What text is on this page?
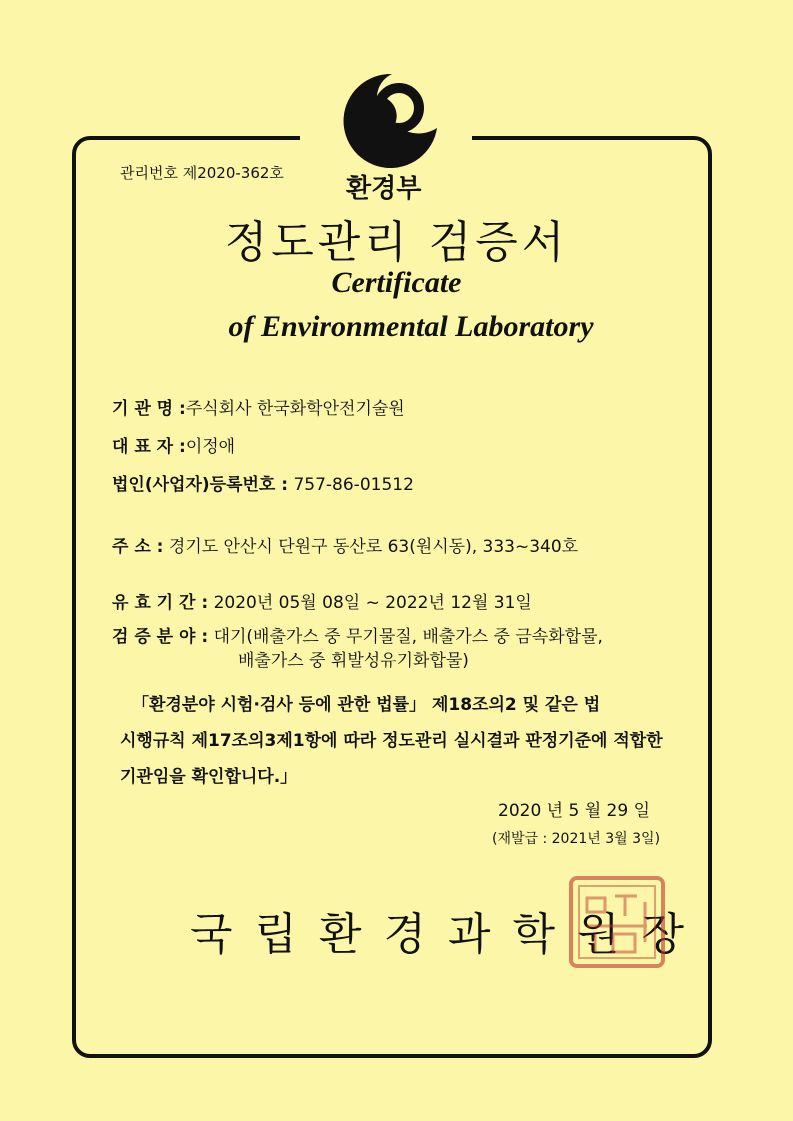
관리번호 제2020-362호
환경부
정도관리 검증서
Certificate
of Environmental Laboratory
기 관 명 :주식회사 한국화학안전기술원
대 표 자 :이정애
법인(사업자)등록번호 : 757-86-01512
주 소 : 경기도 안산시 단원구 동산로 63(원시동), 333~340호
유 효 기 간 : 2020년 05월 08일 ~ 2022년 12월 31일
검 증 분 야 : 대기(배출가스 중 무기물질, 배출가스 중 금속화합물,
배출가스 중 휘발성유기화합물)
「환경분야 시험·검사 등에 관한 법률」 제18조의2 및 같은 법
시행규칙 제17조의3제1항에 따라 정도관리 실시결과 판정기준에 적합한
기관임을 확인합니다.」
2020 년 5 월 29 일
(재발급 : 2021년 3월 3일)
국립환경과학원장
